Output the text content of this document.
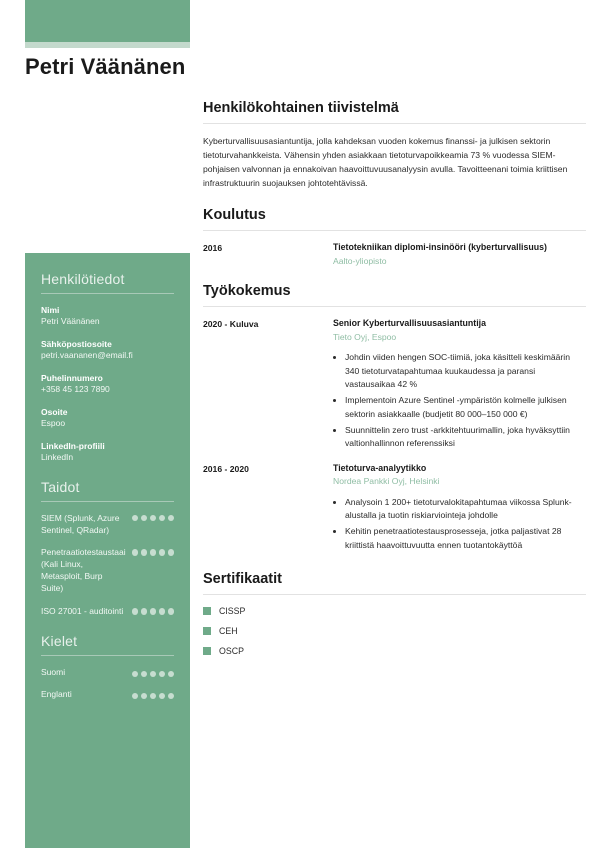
Petri Väänänen
Henkilötiedot
Nimi
Petri Väänänen
Sähköpostiosoite
petri.vaananen@email.fi
Puhelinnumero
+358 45 123 7890
Osoite
Espoo
LinkedIn-profiili
LinkedIn
Taidot
SIEM (Splunk, Azure Sentinel, QRadar)
Penetraatiotestaustaai (Kali Linux, Metasploit, Burp Suite)
ISO 27001 - auditointi
Kielet
Suomi
Englanti
Henkilökohtainen tiivistelmä

Kyberturvallisuusasiantuntija, jolla kahdeksan vuoden kokemus finanssi- ja julkisen sektorin tietoturvahankkeista. Vähensin yhden asiakkaan tietoturvapoikkeamia 73 % vuodessa SIEM-pohjaisen valvonnan ja ennakoivan haavoittuvuusanalyysin avulla. Tavoitteenani toimia kriittisen infrastruktuurin suojauksen johtotehtävissä.

Koulutus
2016	Tietotekniikan diplomi-insinööri (kyberturvallisuus)
Aalto-yliopisto
Työkokemus
2020 - Kuluva	Senior Kyberturvallisuusasiantuntija
Tieto Oyj, Espoo
• Johdin viiden hengen SOC-tiimiä, joka käsitteli keskimäärin 340 tietoturvatapahtumaa kuukaudessa ja paransi vastausaikaa 42 %
• Implementoin Azure Sentinel -ympäristön kolmelle julkisen sektorin asiakkaalle (budjetit 80 000–150 000 €)
• Suunnittelin zero trust -arkkitehtuurimallin, joka hyväksyttiin valtionhallinnon referenssiksi
2016 - 2020	Tietoturva-analyytikko
Nordea Pankki Oyj, Helsinki
• Analysoin 1 200+ tietoturvalokitapahtumaa viikossa Splunk-alustalla ja tuotin riskiarviointeja johdolle
• Kehitin penetraatiotestausprosesseja, jotka paljastivat 28 kriittistä haavoittuvuutta ennen tuotantokäyttöä
Sertifikaatit
CISSP
CEH
OSCP
